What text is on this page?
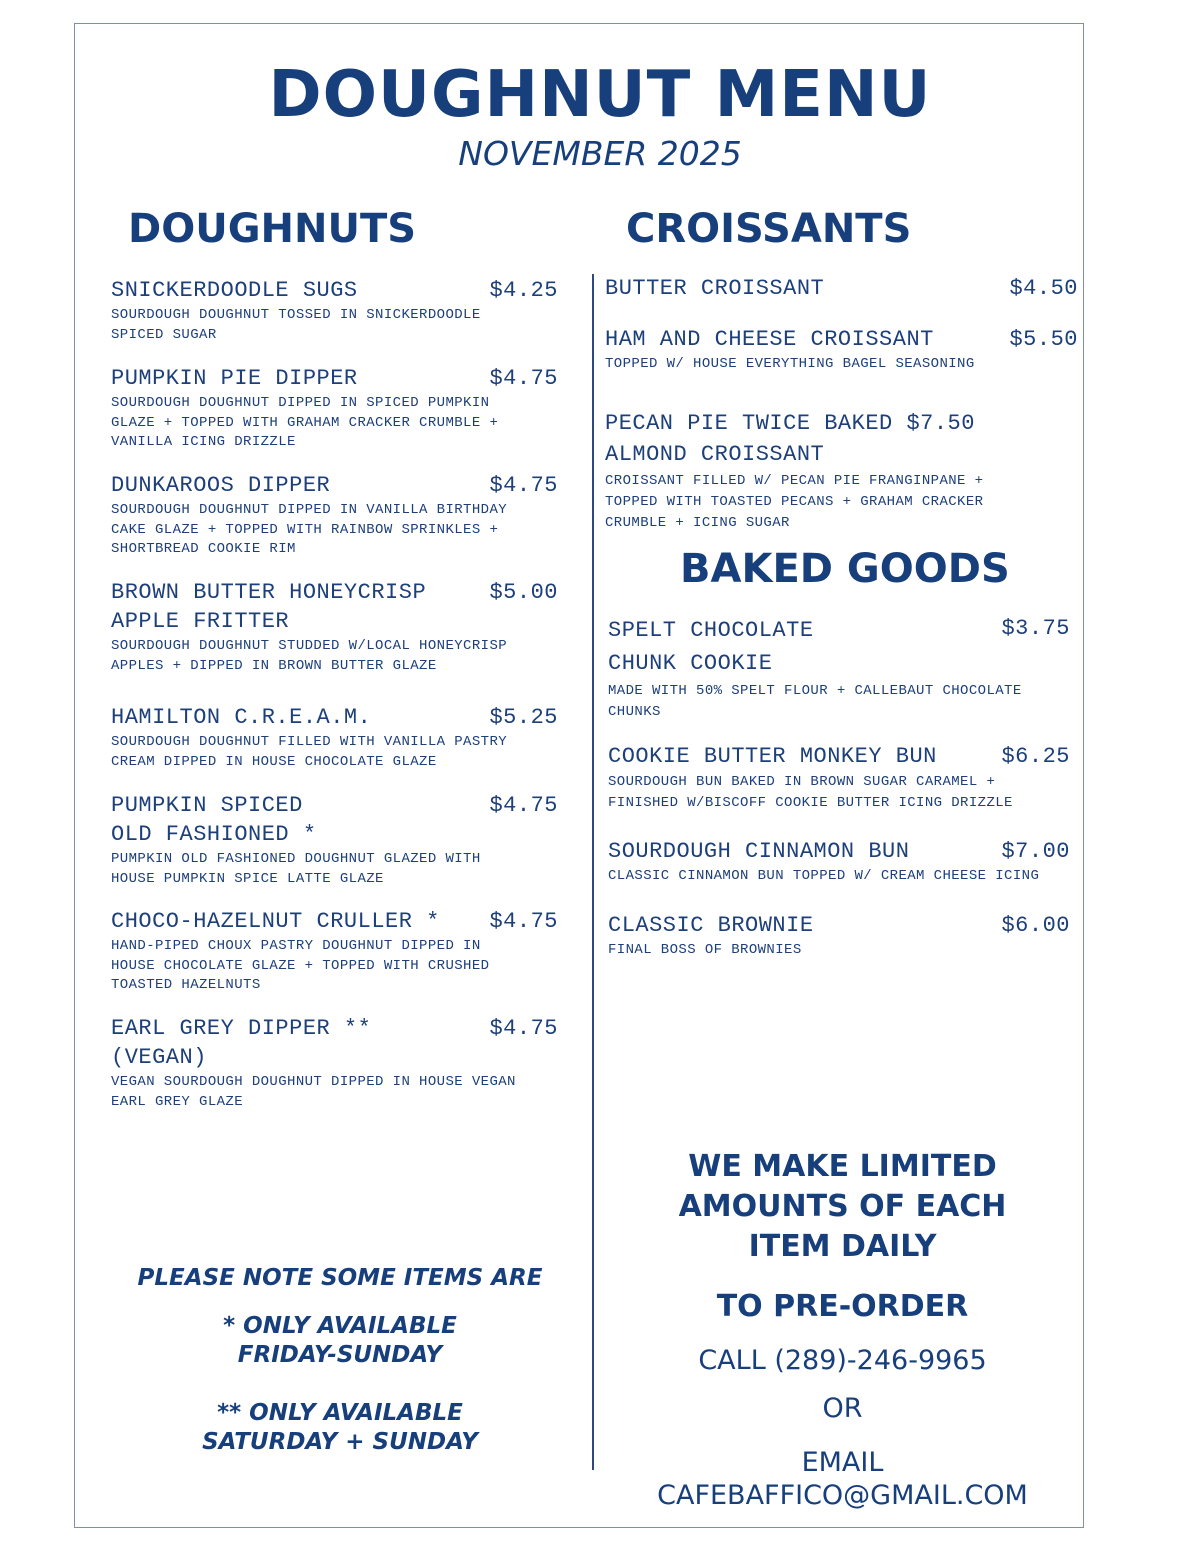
DOUGHNUT MENU
NOVEMBER 2025
DOUGHNUTS	CROISSANTS
BAKED GOODS
SNICKERDOODLE SUGS	$4.25
SOURDOUGH DOUGHNUT TOSSED IN SNICKERDOODLE
SPICED SUGAR
PUMPKIN PIE DIPPER	$4.75
SOURDOUGH DOUGHNUT DIPPED IN SPICED PUMPKIN
GLAZE + TOPPED WITH GRAHAM CRACKER CRUMBLE +
VANILLA ICING DRIZZLE
DUNKAROOS DIPPER	$4.75
SOURDOUGH DOUGHNUT DIPPED IN VANILLA BIRTHDAY
CAKE GLAZE + TOPPED WITH RAINBOW SPRINKLES +
SHORTBREAD COOKIE RIM
BROWN BUTTER HONEYCRISP
APPLE FRITTER
$5.00
SOURDOUGH DOUGHNUT STUDDED W/LOCAL HONEYCRISP
APPLES + DIPPED IN BROWN BUTTER GLAZE
HAMILTON C.R.E.A.M.	$5.25
SOURDOUGH DOUGHNUT FILLED WITH VANILLA PASTRY
CREAM DIPPED IN HOUSE CHOCOLATE GLAZE
PUMPKIN SPICED
OLD FASHIONED *
$4.75
PUMPKIN OLD FASHIONED DOUGHNUT GLAZED WITH
HOUSE PUMPKIN SPICE LATTE GLAZE
CHOCO-HAZELNUT CRULLER * $4.75
HAND-PIPED CHOUX PASTRY DOUGHNUT DIPPED IN
HOUSE CHOCOLATE GLAZE + TOPPED WITH CRUSHED
TOASTED HAZELNUTS
EARL GREY DIPPER **
(VEGAN)
$4.75
VEGAN SOURDOUGH DOUGHNUT DIPPED IN HOUSE VEGAN
EARL GREY GLAZE
BUTTER CROISSANT	$4.50
HAM AND CHEESE CROISSANT	$5.50
TOPPED W/ HOUSE EVERYTHING BAGEL SEASONING
PECAN PIE TWICE BAKED $7.50
ALMOND CROISSANT
CROISSANT FILLED W/ PECAN PIE FRANGINPANE +
TOPPED WITH TOASTED PECANS + GRAHAM CRACKER
CRUMBLE + ICING SUGAR
SPELT CHOCOLATE
CHUNK COOKIE
$3.75
MADE WITH 50% SPELT FLOUR + CALLEBAUT CHOCOLATE
CHUNKS
COOKIE BUTTER MONKEY BUN	$6.25
SOURDOUGH BUN BAKED IN BROWN SUGAR CARAMEL +
FINISHED W/BISCOFF COOKIE BUTTER ICING DRIZZLE
SOURDOUGH CINNAMON BUN	$7.00
CLASSIC CINNAMON BUN TOPPED W/ CREAM CHEESE ICING
CLASSIC BROWNIE	$6.00
FINAL BOSS OF BROWNIES
PLEASE NOTE SOME ITEMS ARE
* ONLY AVAILABLE
FRIDAY-SUNDAY
** ONLY AVAILABLE
SATURDAY + SUNDAY
WE MAKE LIMITED
AMOUNTS OF EACH
ITEM DAILY
TO PRE-ORDER
CALL (289)-246-9965
OR
EMAIL
CAFEBAFFICO@GMAIL.COM
